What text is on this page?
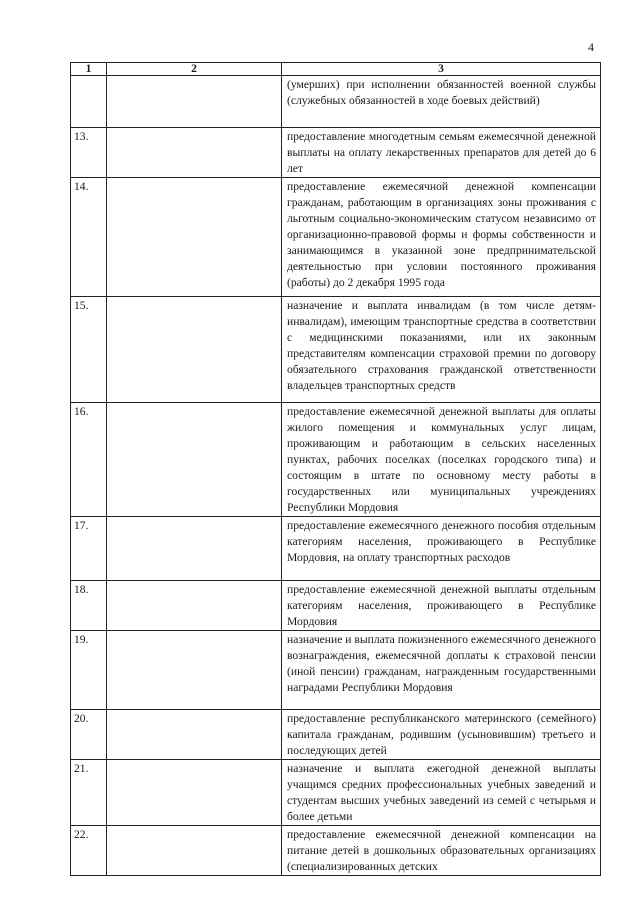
4
1	2	3
		(умерших) при исполнении обязанностей военной службы (служебных обязанностей в ходе боевых действий)
13.		предоставление многодетным семьям ежемесячной денежной выплаты на оплату лекарственных препаратов для детей до 6 лет
14.		предоставление ежемесячной денежной компенсации гражданам, работающим в организациях зоны проживания с льготным социально-экономическим статусом независимо от организационно-правовой формы и формы собственности и занимающимся в указанной зоне предпринимательской деятельностью при условии постоянного проживания (работы) до 2 декабря 1995 года
15.		назначение и выплата инвалидам (в том числе детям-инвалидам), имеющим транспортные средства в соответствии с медицинскими показаниями, или их законным представителям компенсации страховой премии по договору обязательного страхования гражданской ответственности владельцев транспортных средств
16.		предоставление ежемесячной денежной выплаты для оплаты жилого помещения и коммунальных услуг лицам, проживающим и работающим в сельских населенных пунктах, рабочих поселках (поселках городского типа) и состоящим в штате по основному месту работы в государственных или муниципальных учреждениях Республики Мордовия
17.		предоставление ежемесячного денежного пособия отдельным категориям населения, проживающего в Республике Мордовия, на оплату транспортных расходов
18.		предоставление ежемесячной денежной выплаты отдельным категориям населения, проживающего в Республике Мордовия
19.		назначение и выплата пожизненного ежемесячного денежного вознаграждения, ежемесячной доплаты к страховой пенсии (иной пенсии) гражданам, награжденным государственными наградами Республики Мордовия
20.		предоставление республиканского материнского (семейного) капитала гражданам, родившим (усыновившим) третьего и последующих детей
21.		назначение и выплата ежегодной денежной выплаты учащимся средних профессиональных учебных заведений и студентам высших учебных заведений из семей с четырьмя и более детьми
22.		предоставление ежемесячной денежной компенсации на питание детей в дошкольных образовательных организациях (специализированных детских
